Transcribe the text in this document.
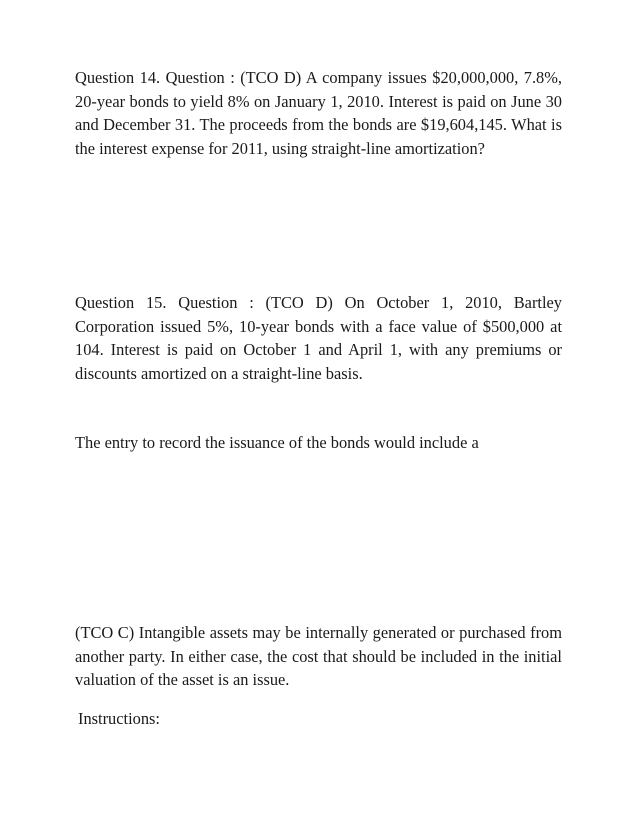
Question 14. Question : (TCO D) A company issues $20,000,000, 7.8%, 20-year bonds to yield 8% on January 1, 2010. Interest is paid on June 30 and December 31. The proceeds from the bonds are $19,604,145. What is the interest expense for 2011, using straight-line amortization?

Question 15. Question : (TCO D) On October 1, 2010, Bartley Corporation issued 5%, 10-year bonds with a face value of $500,000 at 104. Interest is paid on October 1 and April 1, with any premiums or discounts amortized on a straight-line basis.

The entry to record the issuance of the bonds would include a

(TCO C) Intangible assets may be internally generated or purchased from another party. In either case, the cost that should be included in the initial valuation of the asset is an issue.

Instructions:
